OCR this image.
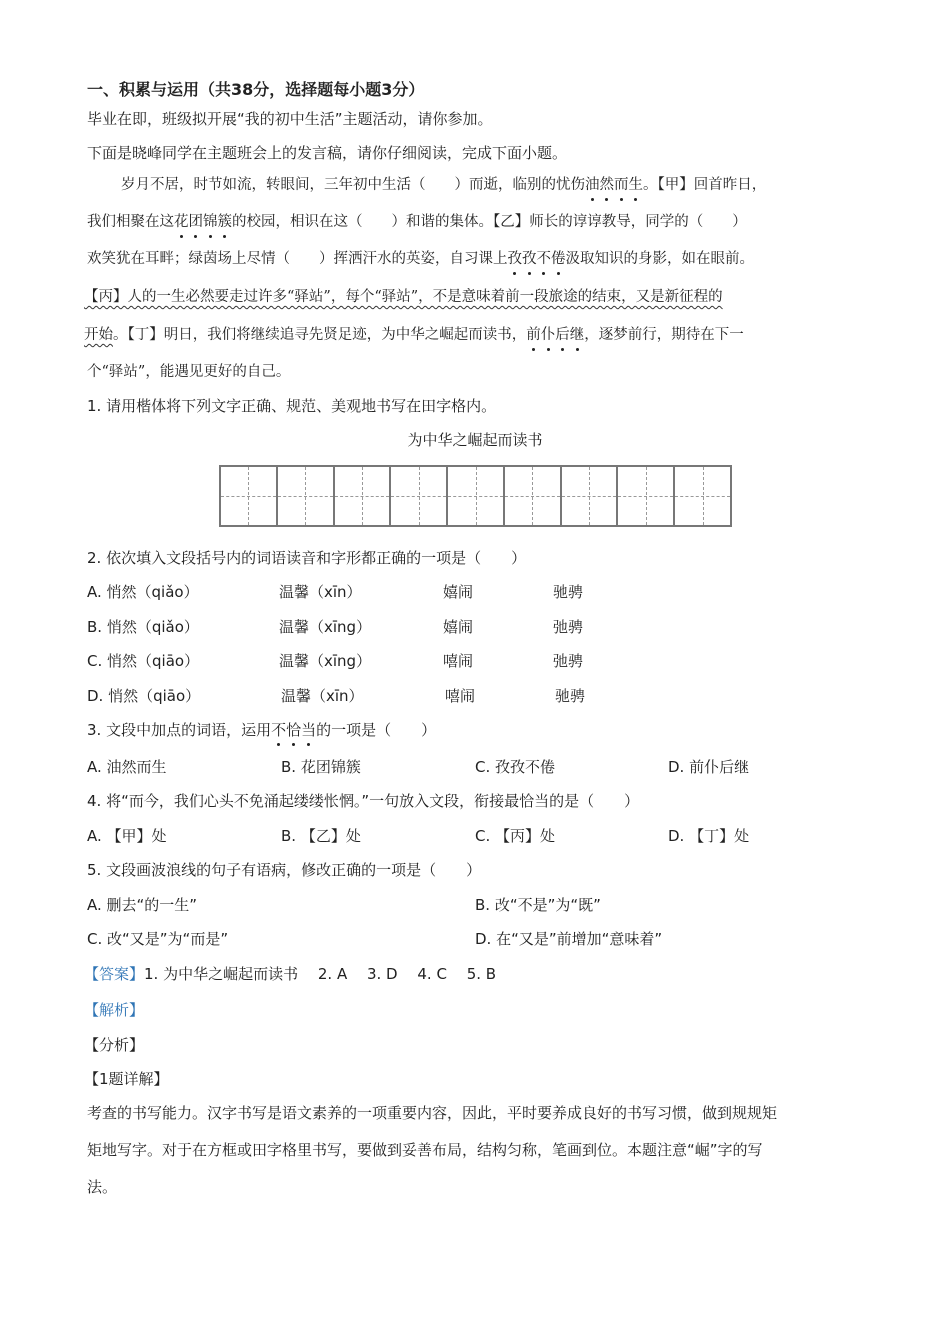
一、积累与运用（共38分，选择题每小题3分）
毕业在即，班级拟开展“我的初中生活”主题活动，请你参加。
下面是晓峰同学在主题班会上的发言稿，请你仔细阅读，完成下面小题。
岁月不居，时节如流，转眼间，三年初中生活（　　）而逝，临别的忧伤油然而生。【甲】回首昨日，
我们相聚在这花团锦簇的校园，相识在这（　　）和谐的集体。【乙】师长的谆谆教导，同学的（　　）
欢笑犹在耳畔；绿茵场上尽情（　　）挥洒汗水的英姿，自习课上孜孜不倦汲取知识的身影，如在眼前。
【丙】人的一生必然要走过许多“驿站”，每个“驿站”，不是意味着前一段旅途的结束，又是新征程的
开始。【丁】明日，我们将继续追寻先贤足迹，为中华之崛起而读书，前仆后继，逐梦前行，期待在下一
个“驿站”，能遇见更好的自己。
1. 请用楷体将下列文字正确、规范、美观地书写在田字格内。
为中华之崛起而读书
2. 依次填入文段括号内的词语读音和字形都正确的一项是（　　）
A. 悄然（qiǎo）	温馨（xīn）	嬉闹	驰骋
B. 悄然（qiǎo）	温馨（xīng）	嬉闹	弛骋
C. 悄然（qiāo）	温馨（xīng）	嘻闹	弛骋
D. 悄然（qiāo）	温馨（xīn）	嘻闹	驰骋
3. 文段中加点的词语，运用不恰当的一项是（　　）
A. 油然而生	B. 花团锦簇	C. 孜孜不倦	D. 前仆后继
4. 将“而今，我们心头不免涌起缕缕怅惘。”一句放入文段，衔接最恰当的是（　　）
A. 【甲】处	B. 【乙】处	C. 【丙】处	D. 【丁】处
5. 文段画波浪线的句子有语病，修改正确的一项是（　　）
A. 删去“的一生”	B. 改“不是”为“既”
C. 改“又是”为“而是”	D. 在“又是”前增加“意味着”
【答案】1. 为中华之崛起而读书　 2. A　 3. D　 4. C　 5. B
【解析】
【分析】
【1题详解】
考查的书写能力。汉字书写是语文素养的一项重要内容，因此，平时要养成良好的书写习惯，做到规规矩
矩地写字。对于在方框或田字格里书写，要做到妥善布局，结构匀称，笔画到位。本题注意“崛”字的写
法。
